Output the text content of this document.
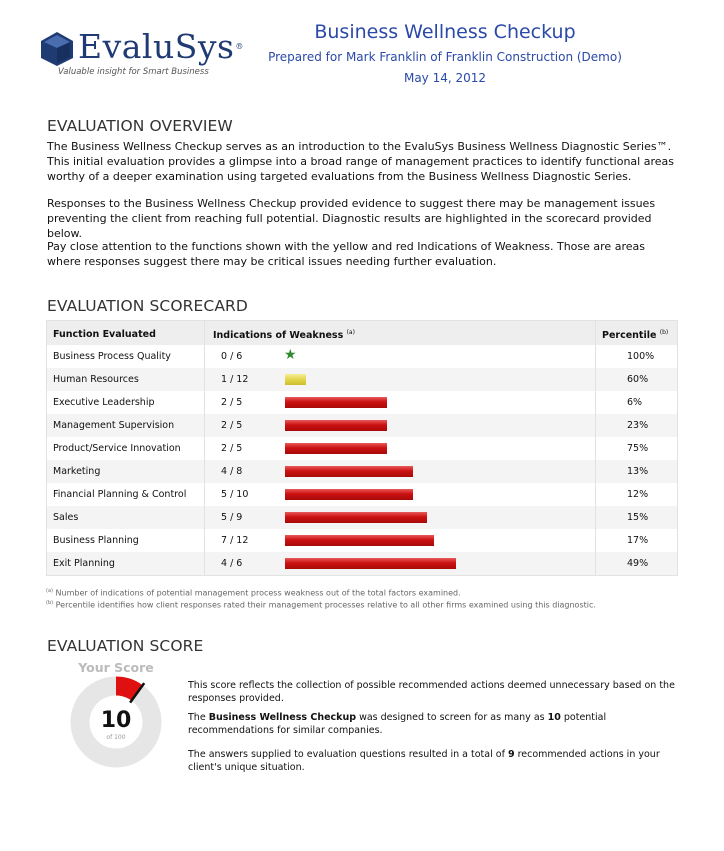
EvaluSys®
Valuable insight for Smart Business
Business Wellness Checkup
Prepared for Mark Franklin of Franklin Construction (Demo)
May 14, 2012
EVALUATION OVERVIEW
The Business Wellness Checkup serves as an introduction to the EvaluSys Business Wellness Diagnostic Series™. This initial evaluation provides a glimpse into a broad range of management practices to identify functional areas worthy of a deeper examination using targeted evaluations from the Business Wellness Diagnostic Series.
Responses to the Business Wellness Checkup provided evidence to suggest there may be management issues preventing the client from reaching full potential. Diagnostic results are highlighted in the scorecard provided below.
Pay close attention to the functions shown with the yellow and red Indications of Weakness. Those are areas where responses suggest there may be critical issues needing further evaluation.
EVALUATION SCORECARD
Function Evaluated	Indications of Weakness $^{(a)}$	Percentile $^{(b)}$
Business Process Quality	0 / 6	★	100%
Human Resources	1 / 12	60%
Executive Leadership	2 / 5	6%
Management Supervision	2 / 5	23%
Product/Service Innovation	2 / 5	75%
Marketing	4 / 8	13%
Financial Planning & Control	5 / 10	12%
Sales	5 / 9	15%
Business Planning	7 / 12	17%
Exit Planning	4 / 6	49%
$^{(a)}$ Number of indications of potential management process weakness out of the total factors examined.
$^{(b)}$ Percentile identifies how client responses rated their management processes relative to all other firms examined using this diagnostic.
EVALUATION SCORE
Your Score
10
of 100
This score reflects the collection of possible recommended actions deemed unnecessary based on the responses provided.
The Business Wellness Checkup was designed to screen for as many as 10 potential recommendations for similar companies.
The answers supplied to evaluation questions resulted in a total of 9 recommended actions in your client's unique situation.
